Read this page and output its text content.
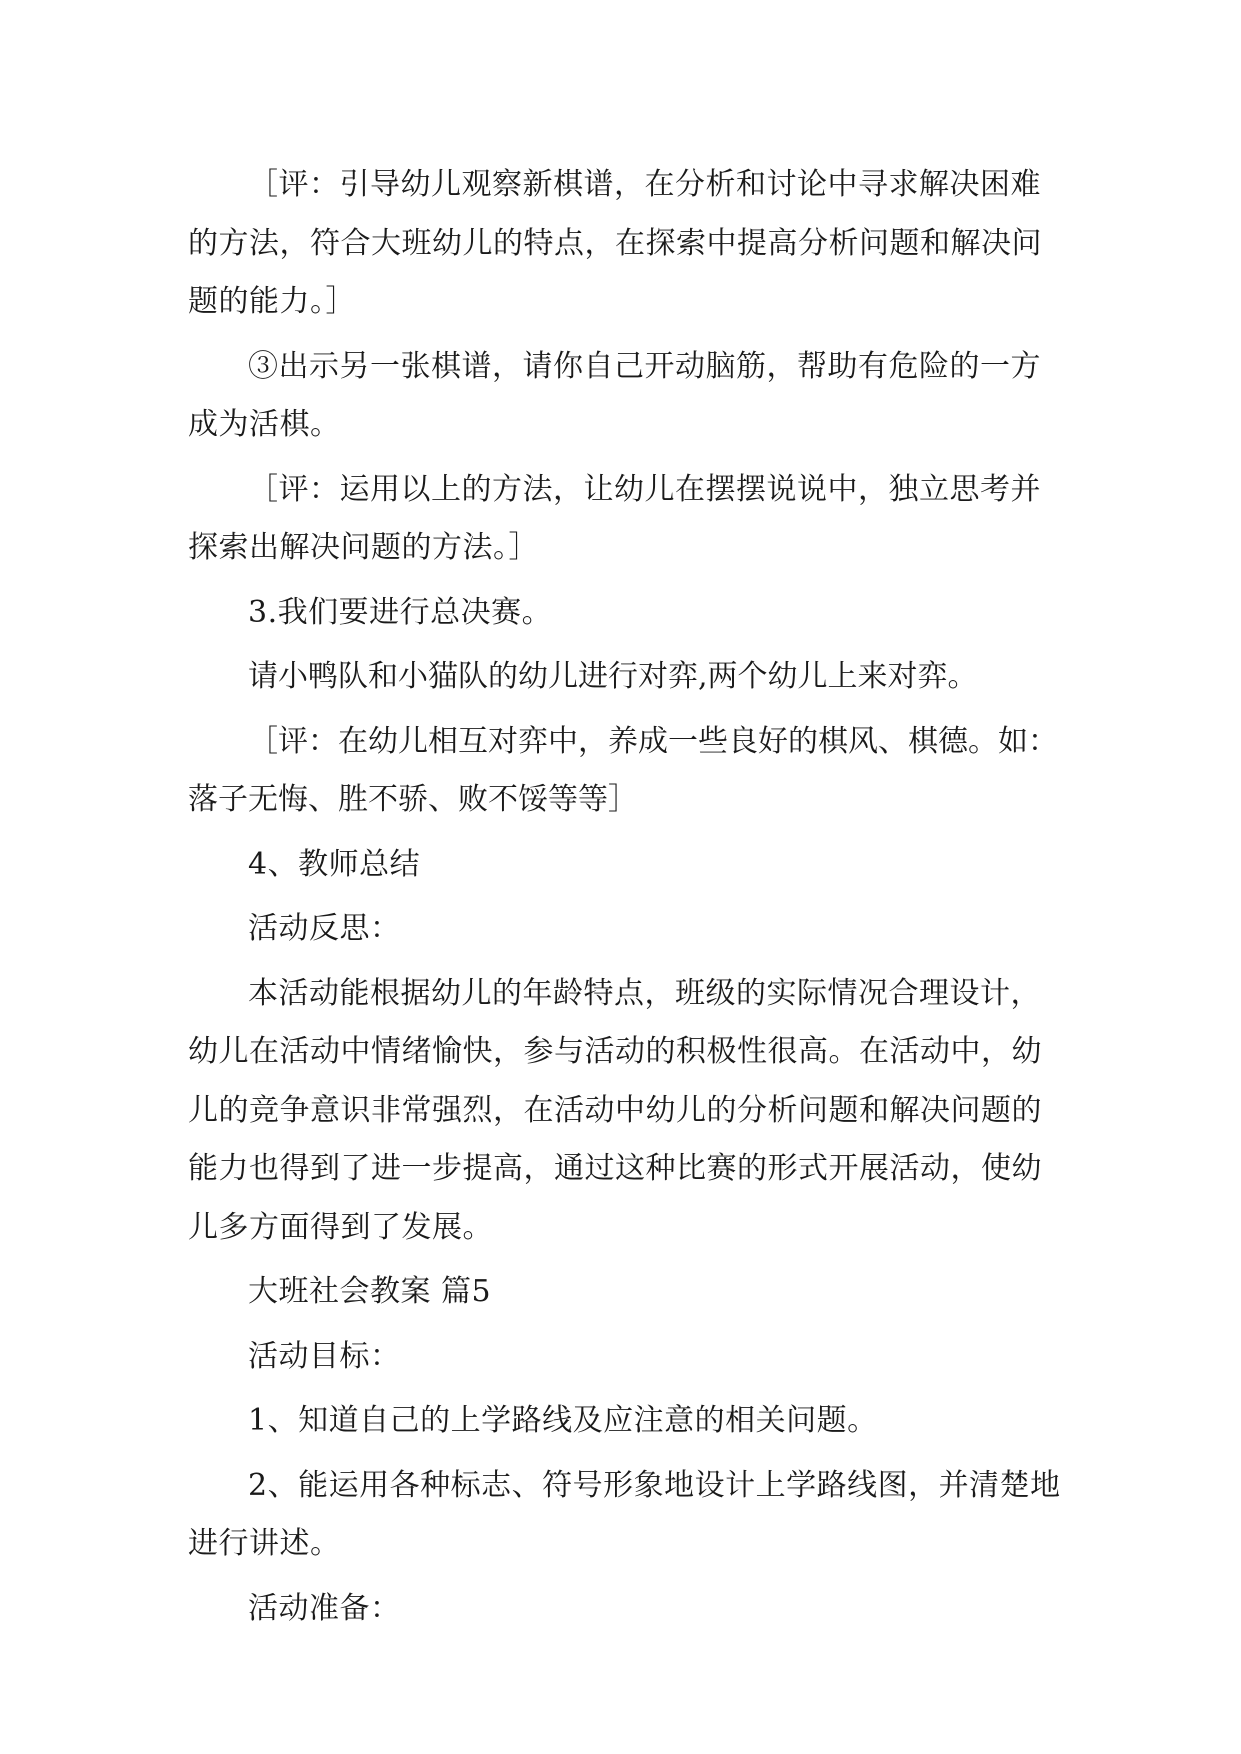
［评：引导幼儿观察新棋谱，在分析和讨论中寻求解决困难的方法，符合大班幼儿的特点，在探索中提高分析问题和解决问题的能力。］

③出示另一张棋谱，请你自己开动脑筋，帮助有危险的一方成为活棋。

［评：运用以上的方法，让幼儿在摆摆说说中，独立思考并探索出解决问题的方法。］

3.我们要进行总决赛。

请小鸭队和小猫队的幼儿进行对弈,两个幼儿上来对弈。

［评：在幼儿相互对弈中，养成一些良好的棋风、棋德。如：落子无悔、胜不骄、败不馁等等］

4、教师总结

活动反思：

本活动能根据幼儿的年龄特点，班级的实际情况合理设计，幼儿在活动中情绪愉快，参与活动的积极性很高。在活动中，幼儿的竞争意识非常强烈，在活动中幼儿的分析问题和解决问题的能力也得到了进一步提高，通过这种比赛的形式开展活动，使幼儿多方面得到了发展。

大班社会教案 篇5

活动目标：

1、知道自己的上学路线及应注意的相关问题。

2、能运用各种标志、符号形象地设计上学路线图，并清楚地进行讲述。

活动准备：
